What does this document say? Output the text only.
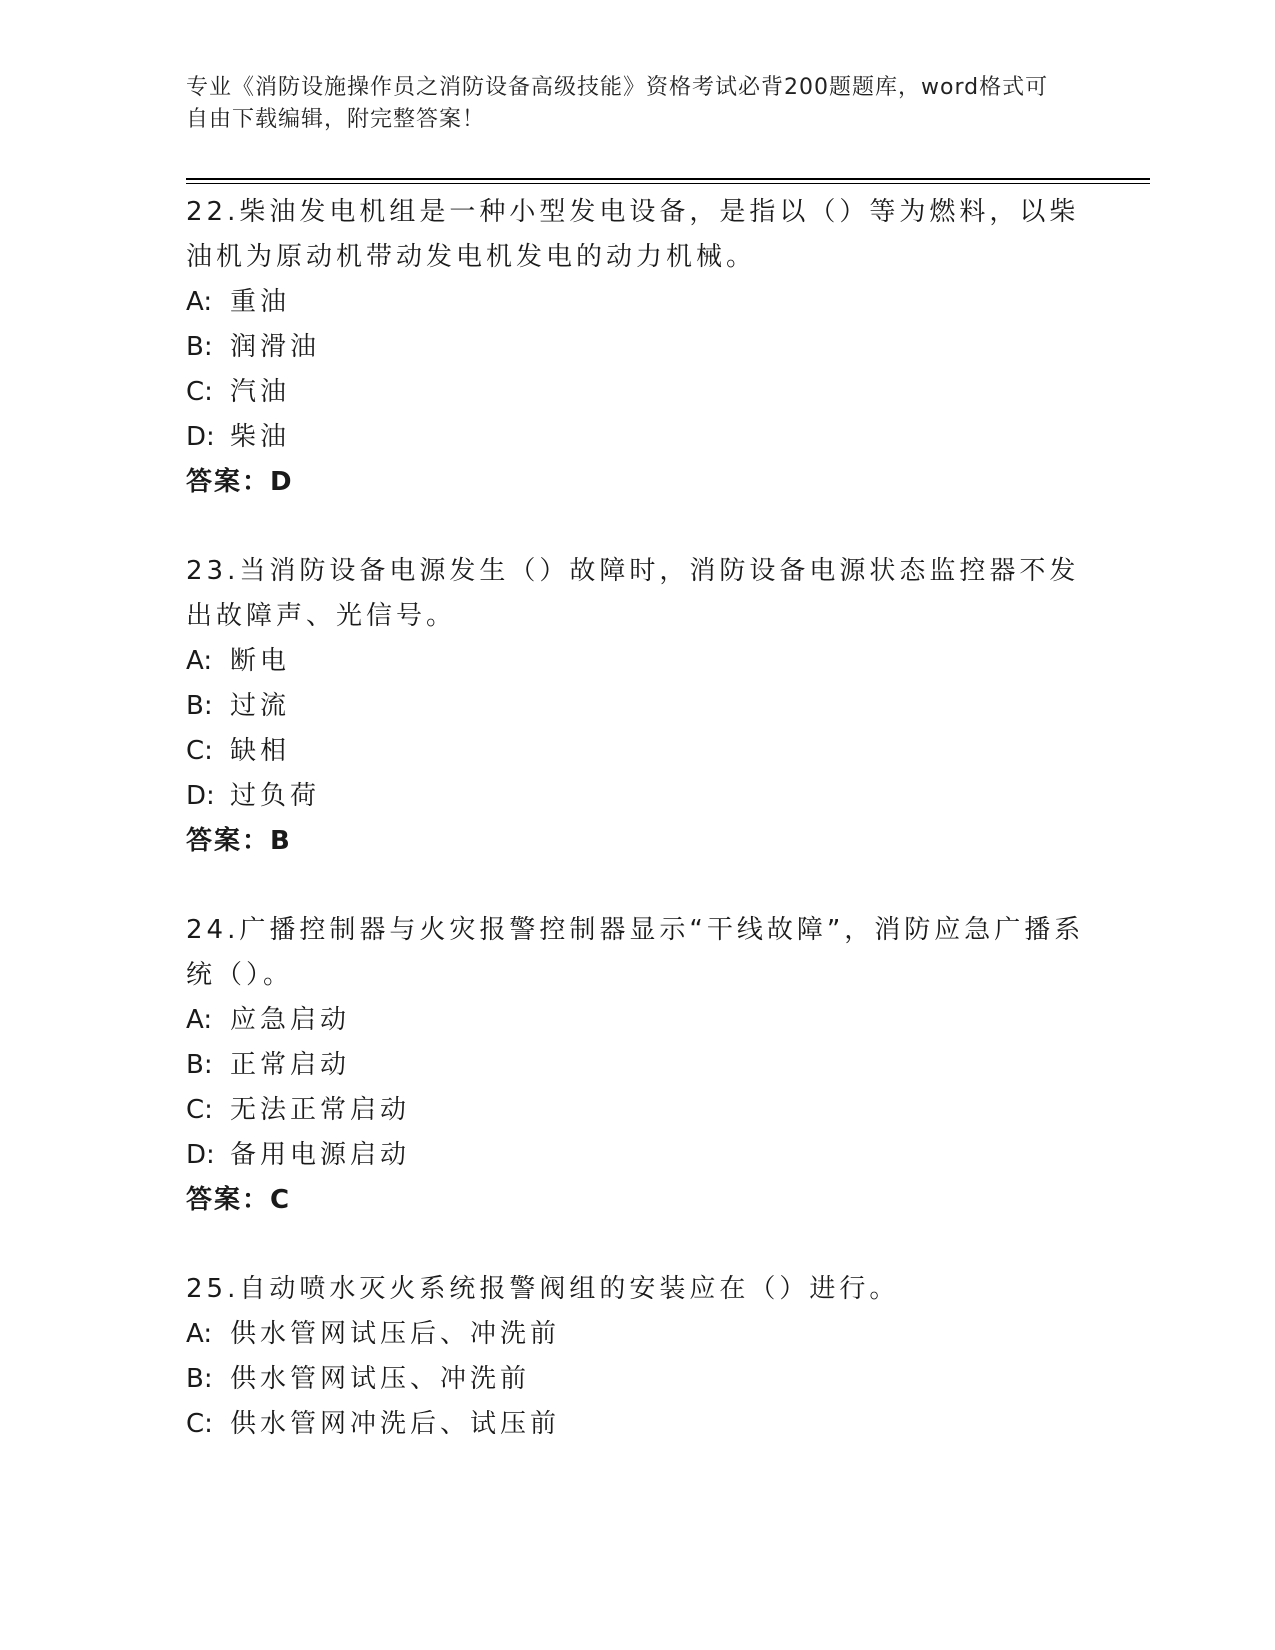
专业《消防设施操作员之消防设备高级技能》资格考试必背200题题库，word格式可自由下载编辑，附完整答案！

22.柴油发电机组是一种小型发电设备，是指以（）等为燃料，以柴油机为原动机带动发电机发电的动力机械。

A: 重油

B: 润滑油

C: 汽油

D: 柴油

答案：D

23.当消防设备电源发生（）故障时，消防设备电源状态监控器不发出故障声、光信号。

A: 断电

B: 过流

C: 缺相

D: 过负荷

答案：B

24.广播控制器与火灾报警控制器显示“干线故障”，消防应急广播系统（）。

A: 应急启动

B: 正常启动

C: 无法正常启动

D: 备用电源启动

答案：C

25.自动喷水灭火系统报警阀组的安装应在（）进行。

A: 供水管网试压后、冲洗前

B: 供水管网试压、冲洗前

C: 供水管网冲洗后、试压前
